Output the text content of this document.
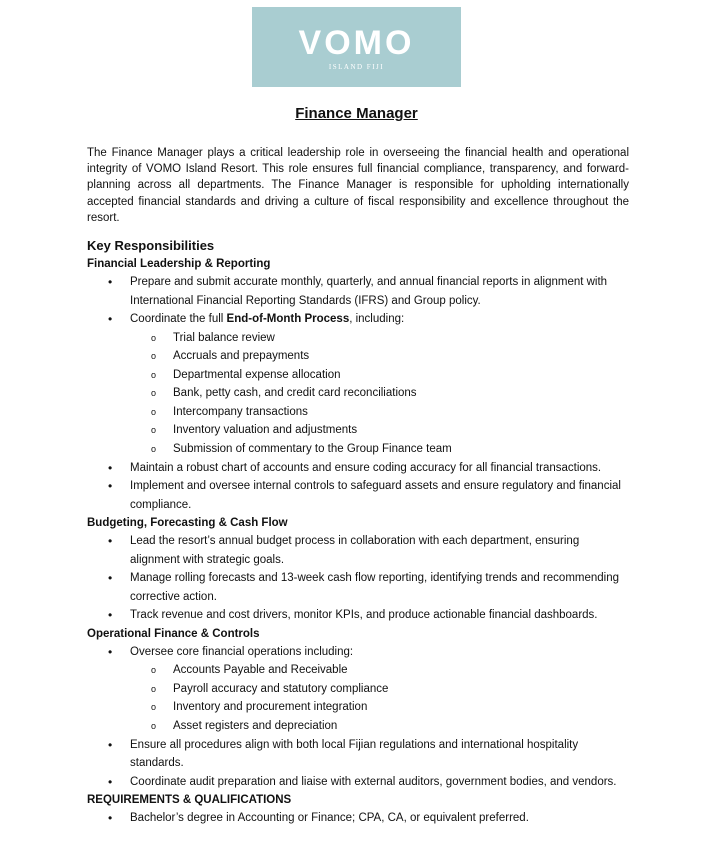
VOMO
ISLAND FIJI
Finance Manager

The Finance Manager plays a critical leadership role in overseeing the financial health and operational integrity of VOMO Island Resort. This role ensures full financial compliance, transparency, and forward-planning across all departments. The Finance Manager is responsible for upholding internationally accepted financial standards and driving a culture of fiscal responsibility and excellence throughout the resort.

Key Responsibilities
Financial Leadership & Reporting
• Prepare and submit accurate monthly, quarterly, and annual financial reports in alignment with International Financial Reporting Standards (IFRS) and Group policy.
• Coordinate the full End-of-Month Process, including:
o Trial balance review
o Accruals and prepayments
o Departmental expense allocation
o Bank, petty cash, and credit card reconciliations
o Intercompany transactions
o Inventory valuation and adjustments
o Submission of commentary to the Group Finance team
• Maintain a robust chart of accounts and ensure coding accuracy for all financial transactions.
• Implement and oversee internal controls to safeguard assets and ensure regulatory and financial compliance.
Budgeting, Forecasting & Cash Flow
• Lead the resort’s annual budget process in collaboration with each department, ensuring alignment with strategic goals.
• Manage rolling forecasts and 13-week cash flow reporting, identifying trends and recommending corrective action.
• Track revenue and cost drivers, monitor KPIs, and produce actionable financial dashboards.
Operational Finance & Controls
• Oversee core financial operations including:
o Accounts Payable and Receivable
o Payroll accuracy and statutory compliance
o Inventory and procurement integration
o Asset registers and depreciation
• Ensure all procedures align with both local Fijian regulations and international hospitality standards.
• Coordinate audit preparation and liaise with external auditors, government bodies, and vendors.
REQUIREMENTS & QUALIFICATIONS
• Bachelor’s degree in Accounting or Finance; CPA, CA, or equivalent preferred.
